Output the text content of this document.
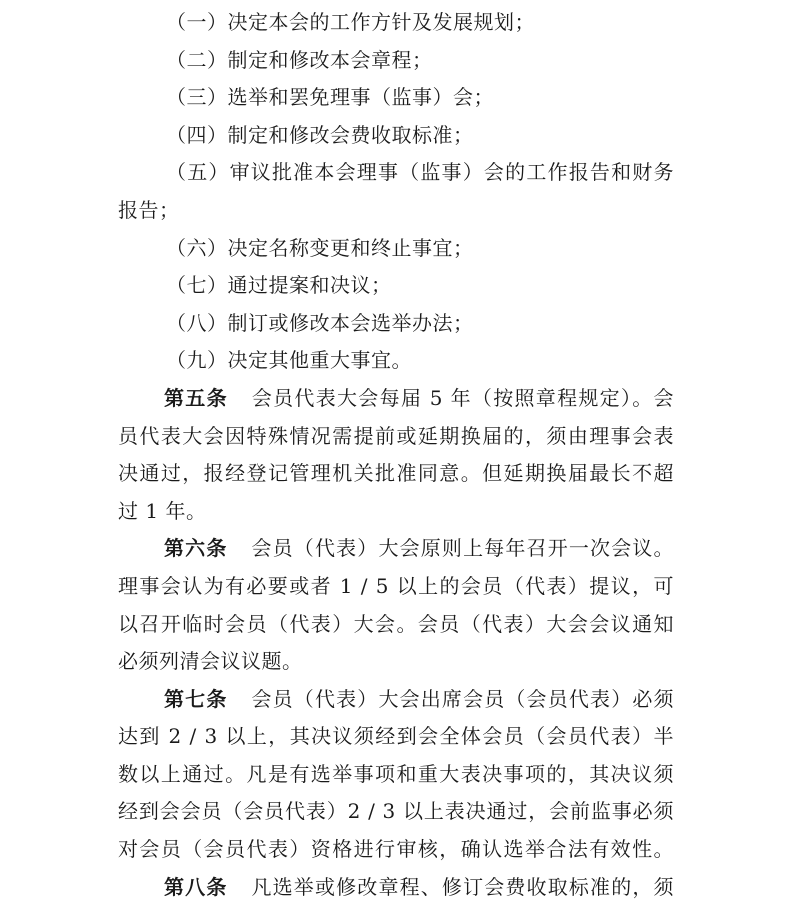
（一）决定本会的工作方针及发展规划；

（二）制定和修改本会章程；

（三）选举和罢免理事（监事）会；

（四）制定和修改会费收取标准；

（五）审议批准本会理事（监事）会的工作报告和财务

报告；

（六）决定名称变更和终止事宜；

（七）通过提案和决议；

（八）制订或修改本会选举办法；

（九）决定其他重大事宜。

第五条 会员代表大会每届 5 年（按照章程规定）。会

员代表大会因特殊情况需提前或延期换届的，须由理事会表

决通过，报经登记管理机关批准同意。但延期换届最长不超

过 1 年。

第六条 会员（代表）大会原则上每年召开一次会议。

理事会认为有必要或者 1 / 5 以上的会员（代表）提议，可

以召开临时会员（代表）大会。会员（代表）大会会议通知

必须列清会议议题。

第七条 会员（代表）大会出席会员（会员代表）必须

达到 2 / 3 以上，其决议须经到会全体会员（会员代表）半

数以上通过。凡是有选举事项和重大表决事项的，其决议须

经到会会员（会员代表）2 / 3 以上表决通过，会前监事必须

对会员（会员代表）资格进行审核，确认选举合法有效性。

第八条 凡选举或修改章程、修订会费收取标准的，须
